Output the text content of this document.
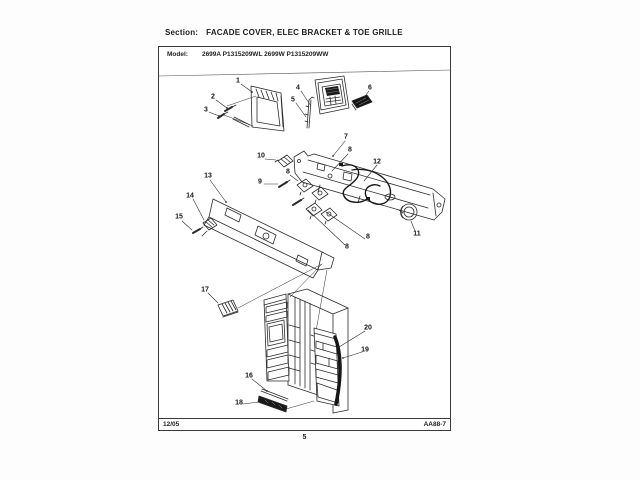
Section: FACADE COVER, ELEC BRACKET & TOE GRILLE
Model: 2699A P1315209WL 2699W P1315209WW
12/05	AA88-7
5
1
2
3
4
5
6
7
8
8
8
8
9
10
11
12
13
14
15
16
17
18
19
20
